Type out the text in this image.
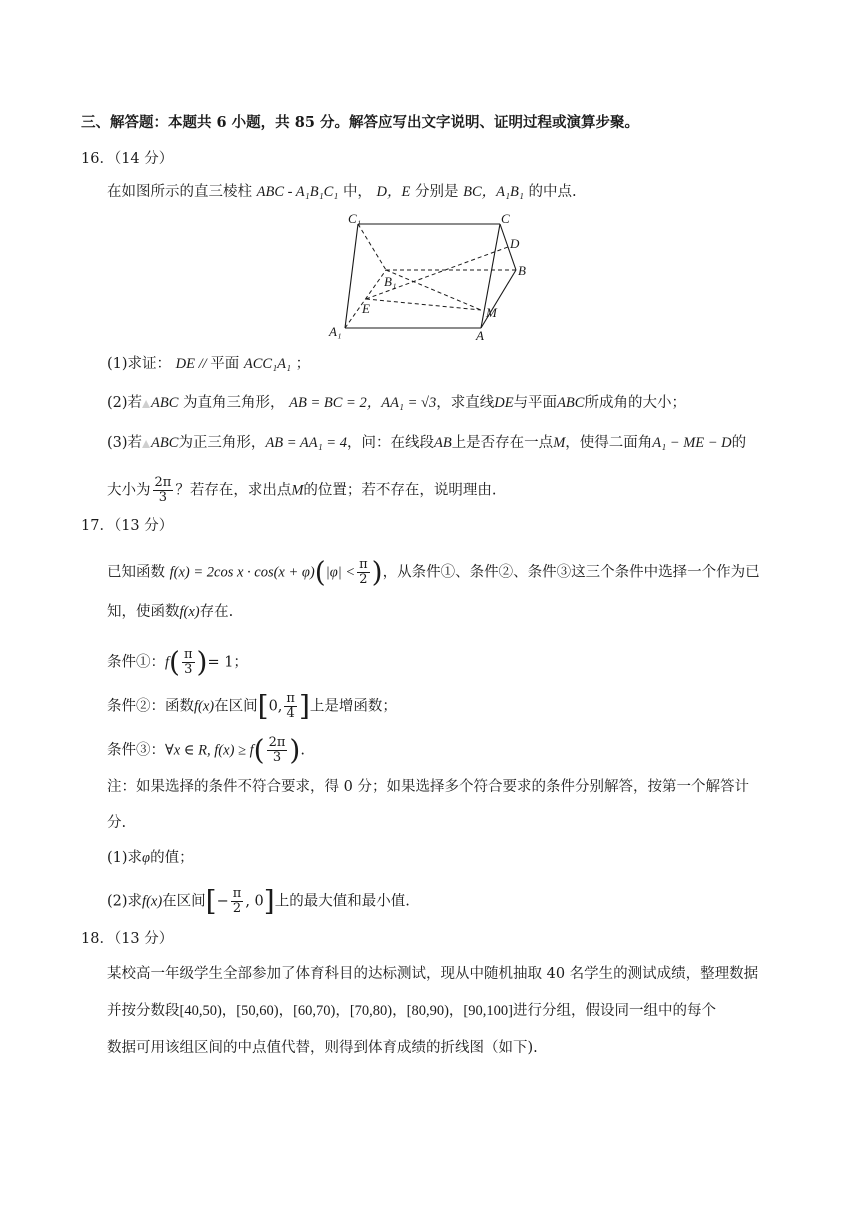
三、解答题：本题共 6 小题，共 85 分。解答应写出文字说明、证明过程或演算步聚。
16．（14 分）
在如图所示的直三棱柱 ABC - A₁B₁C₁ 中， D，E 分别是 BC，A₁B₁ 的中点.
C₁	C
D
B
B₁
E	M
A₁	A
(1)求证： DE // 平面 ACC₁A₁ ；
(2)若 ABC 为直角三角形， AB = BC = 2，AA₁ = √3，求直线DE与平面ABC所成角的大小；
(3)若 ABC为正三角形，AB = AA₁ = 4，问：在线段AB上是否存在一点M，使得二面角A₁ − ME − D的
大小为 $\frac{2\pi}{3}$ ？若存在，求出点M的位置；若不存在，说明理由.
17．（13 分）
已知函数 f(x) = 2cos $x \cdot \cos(x + \varphi)(|\varphi| < \frac{\pi}{2}$ )，从条件①、条件②、条件③这三个条件中选择一个作为已
知，使函数f(x)存在.
条件①：$f( \frac{\pi}{3}$ )= 1；
条件②：函数f(x)在区间[0, $\frac{\pi}{4}$ ]上是增函数；
条件③：∀x ∈ R, $f(x) \ge f( \frac{2\pi}{3}$ ).
注：如果选择的条件不符合要求，得 0 分；如果选择多个符合要求的条件分别解答，按第一个解答计
分.
(1)求φ的值；
(2)求f(x)在区间[− $\frac{\pi}{2}$ , 0]上的最大值和最小值.
18．（13 分）
某校高一年级学生全部参加了体育科目的达标测试，现从中随机抽取 40 名学生的测试成绩，整理数据
并按分数段[40,50)，[50,60)，[60,70)，[70,80)，[80,90)，[90,100]进行分组，假设同一组中的每个
数据可用该组区间的中点值代替，则得到体育成绩的折线图（如下).
